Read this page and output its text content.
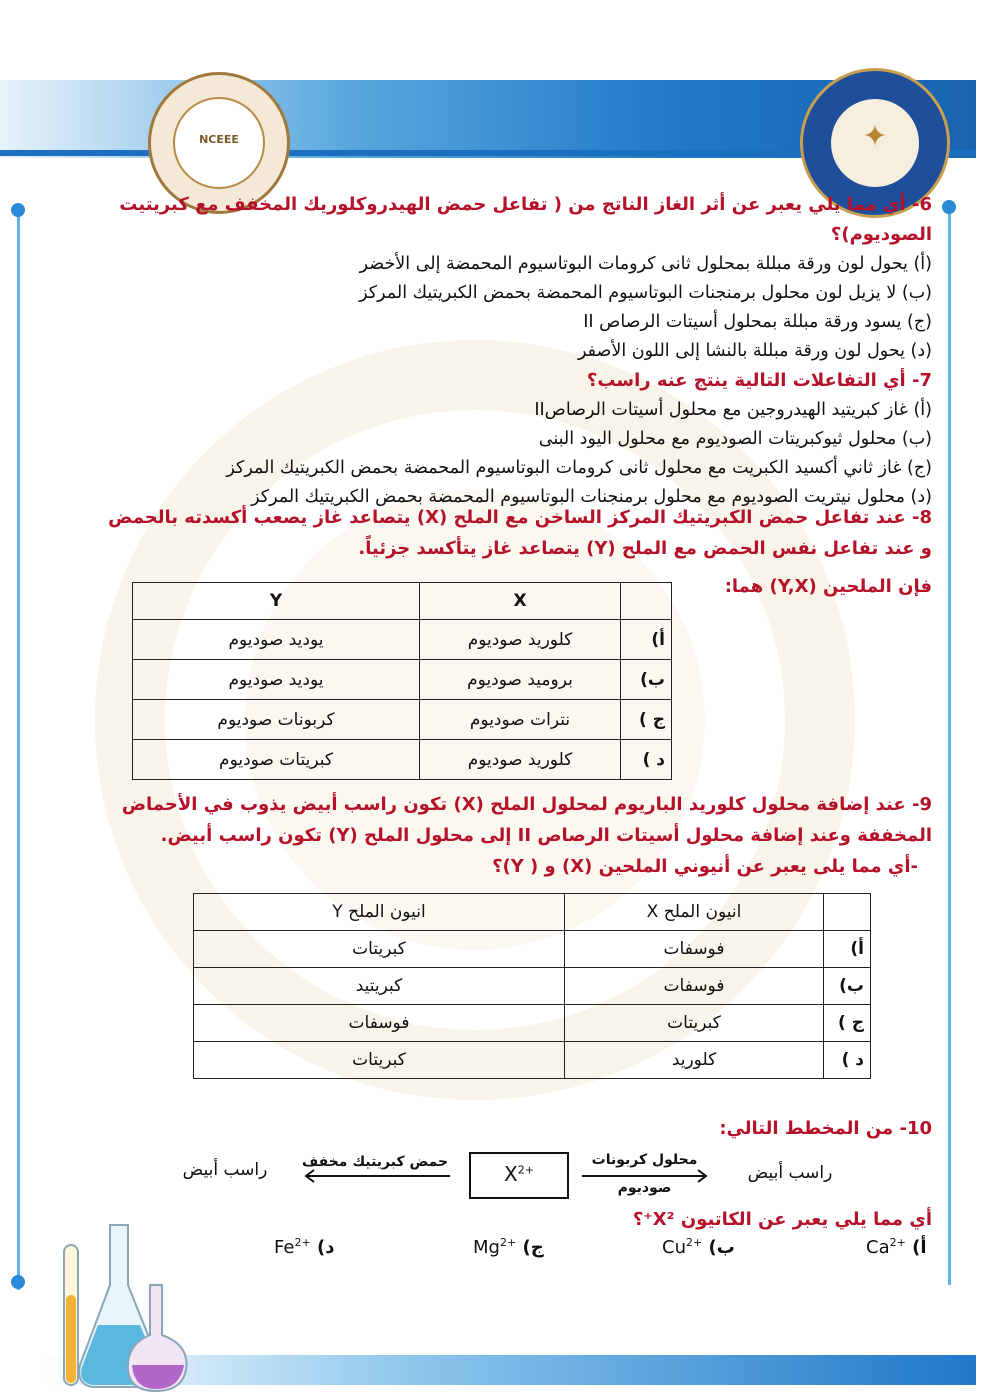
NCEEE	✦
6- أي مما يلي يعبر عن أثر الغاز الناتج من ( تفاعل حمض الهيدروكلوريك المخفف مع كبريتيت الصوديوم)؟
(أ) يحول لون ورقة مبللة بمحلول ثانى كرومات البوتاسيوم المحمضة إلى الأخضر
(ب) لا يزيل لون محلول برمنجنات البوتاسيوم المحمضة بحمض الكبريتيك المركز
(ج) يسود ورقة مبللة بمحلول أسيتات الرصاص II
(د) يحول لون ورقة مبللة بالنشا إلى اللون الأصفر
7- أي التفاعلات التالية ينتج عنه راسب؟
(أ) غاز كبريتيد الهيدروجين مع محلول أسيتات الرصاصII
(ب) محلول ثيوكبريتات الصوديوم مع محلول اليود البنى
(ج) غاز ثاني أكسيد الكبريت مع محلول ثانى كرومات البوتاسيوم المحمضة بحمض الكبريتيك المركز
(د) محلول نيتريت الصوديوم مع محلول برمنجنات البوتاسيوم المحمضة بحمض الكبريتيك المركز
8- عند تفاعل حمض الكبريتيك المركز الساخن مع الملح (X) يتصاعد غاز يصعب أكسدته بالحمض
و عند تفاعل نفس الحمض مع الملح (Y) يتصاعد غاز يتأكسد جزئياً.
فإن الملحين (Y,X) هما:
	X	Y
أ)	كلوريد صوديوم	يوديد صوديوم
ب)	بروميد صوديوم	يوديد صوديوم
ج )	نترات صوديوم	كربونات صوديوم
د )	كلوريد صوديوم	كبريتات صوديوم
9- عند إضافة محلول كلوريد الباريوم لمحلول الملح (X) تكون راسب أبيض يذوب في الأحماض
المخففة وعند إضافة محلول أسيتات الرصاص II إلى محلول الملح (Y) تكون راسب أبيض.
-أي مما يلى يعبر عن أنيوني الملحين (X) و ( Y)؟
	انيون الملح X	انيون الملح Y
أ)	فوسفات	كبريتات
ب)	فوسفات	كبريتيد
ج )	كبريتات	فوسفات
د )	كلوريد	كبريتات
10- من المخطط التالي:
$X^{2+}$
محلول كربونات
صوديوم
راسب أبيض
حمض كبريتيك مخفف
راسب أبيض
أي مما يلي يعبر عن الكاتيون X²⁺؟
$Ca^{2+}$ (أ
$Cu^{2+}$ (ب
$Mg^{2+}$ (ج
$Fe^{2+}$ (د
